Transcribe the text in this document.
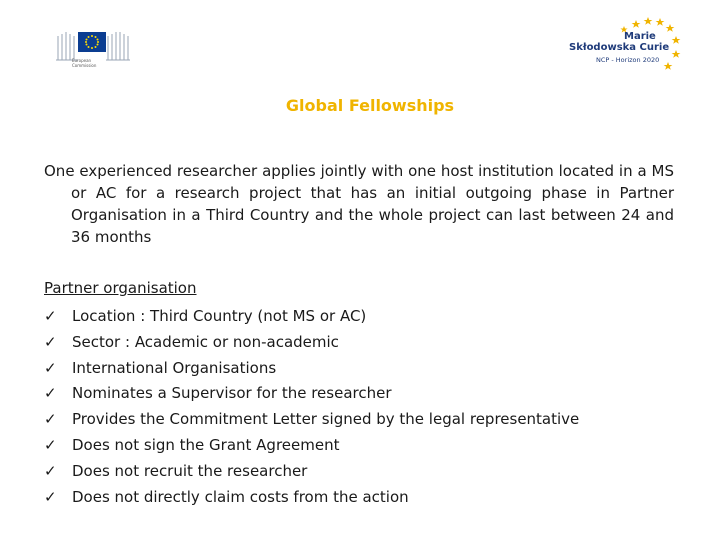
European Commission
Marie
Skłodowska Curie
NCP - Horizon 2020
Global Fellowships
One experienced researcher applies jointly with one host institution located in a MS or AC for a research project that has an initial outgoing phase in Partner Organisation in a Third Country and the whole project can last between 24 and 36 months
Partner organisation
✓ Location : Third Country (not MS or AC)
✓ Sector : Academic or non-academic
✓ International Organisations
✓ Nominates a Supervisor for the researcher
✓ Provides the Commitment Letter signed by the legal representative
✓ Does not sign the Grant Agreement
✓ Does not recruit the researcher
✓ Does not directly claim costs from the action
